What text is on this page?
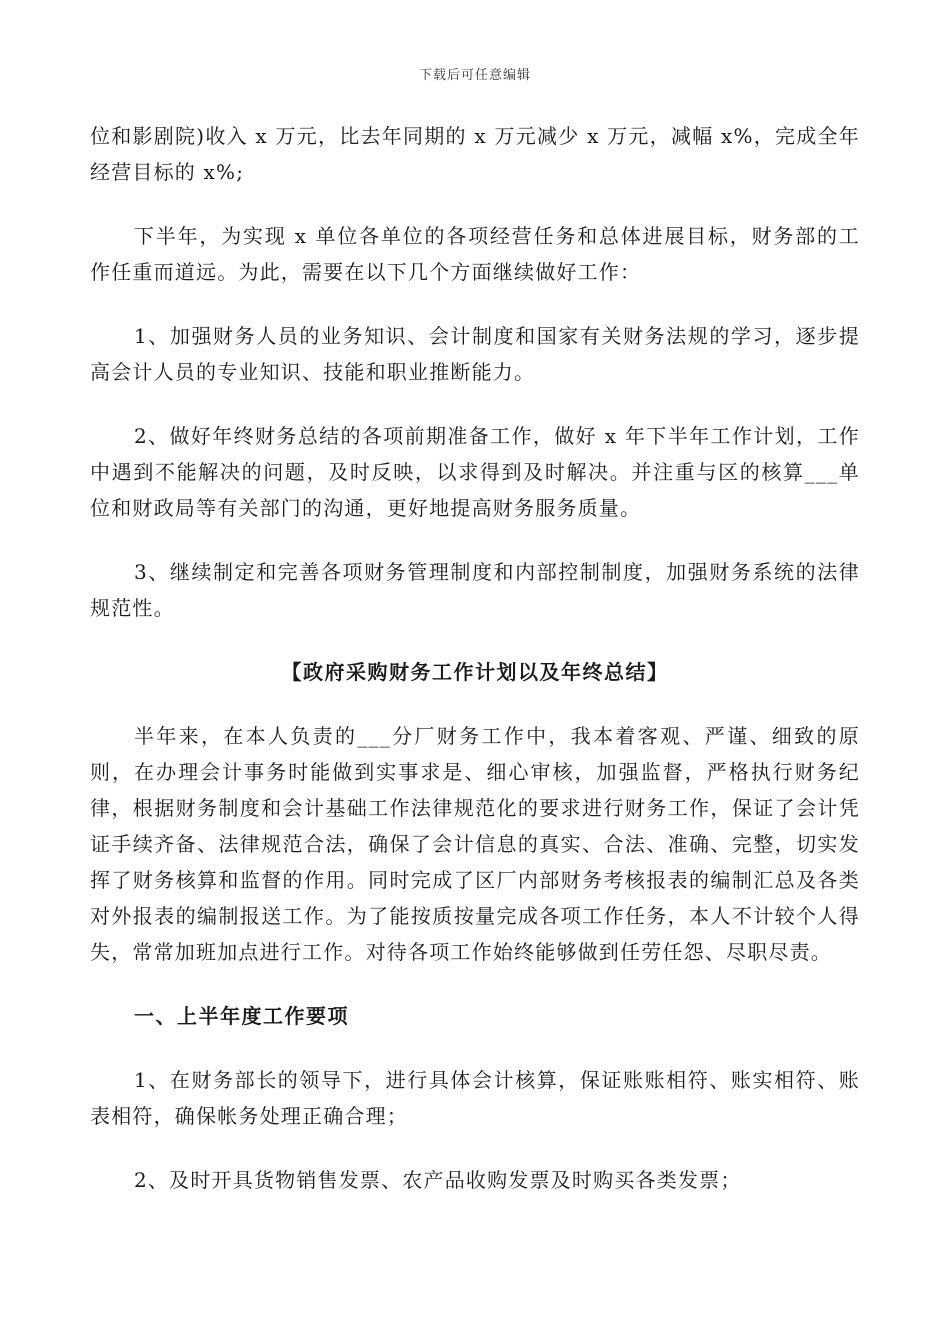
下载后可任意编辑

位和影剧院)收入 x 万元，比去年同期的 x 万元减少 x 万元，减幅 x%，完成全年经营目标的 x%;

下半年，为实现 x 单位各单位的各项经营任务和总体进展目标，财务部的工作任重而道远。为此，需要在以下几个方面继续做好工作：

1、加强财务人员的业务知识、会计制度和国家有关财务法规的学习，逐步提高会计人员的专业知识、技能和职业推断能力。

2、做好年终财务总结的各项前期准备工作，做好 x 年下半年工作计划，工作中遇到不能解决的问题，及时反映，以求得到及时解决。并注重与区的核算___单位和财政局等有关部门的沟通，更好地提高财务服务质量。

3、继续制定和完善各项财务管理制度和内部控制制度，加强财务系统的法律规范性。

【政府采购财务工作计划以及年终总结】

半年来，在本人负责的___分厂财务工作中，我本着客观、严谨、细致的原则，在办理会计事务时能做到实事求是、细心审核，加强监督，严格执行财务纪律，根据财务制度和会计基础工作法律规范化的要求进行财务工作，保证了会计凭证手续齐备、法律规范合法，确保了会计信息的真实、合法、准确、完整，切实发挥了财务核算和监督的作用。同时完成了区厂内部财务考核报表的编制汇总及各类对外报表的编制报送工作。为了能按质按量完成各项工作任务，本人不计较个人得失，常常加班加点进行工作。对待各项工作始终能够做到任劳任怨、尽职尽责。

一、上半年度工作要项

1、在财务部长的领导下，进行具体会计核算，保证账账相符、账实相符、账表相符，确保帐务处理正确合理；

2、及时开具货物销售发票、农产品收购发票及时购买各类发票；
